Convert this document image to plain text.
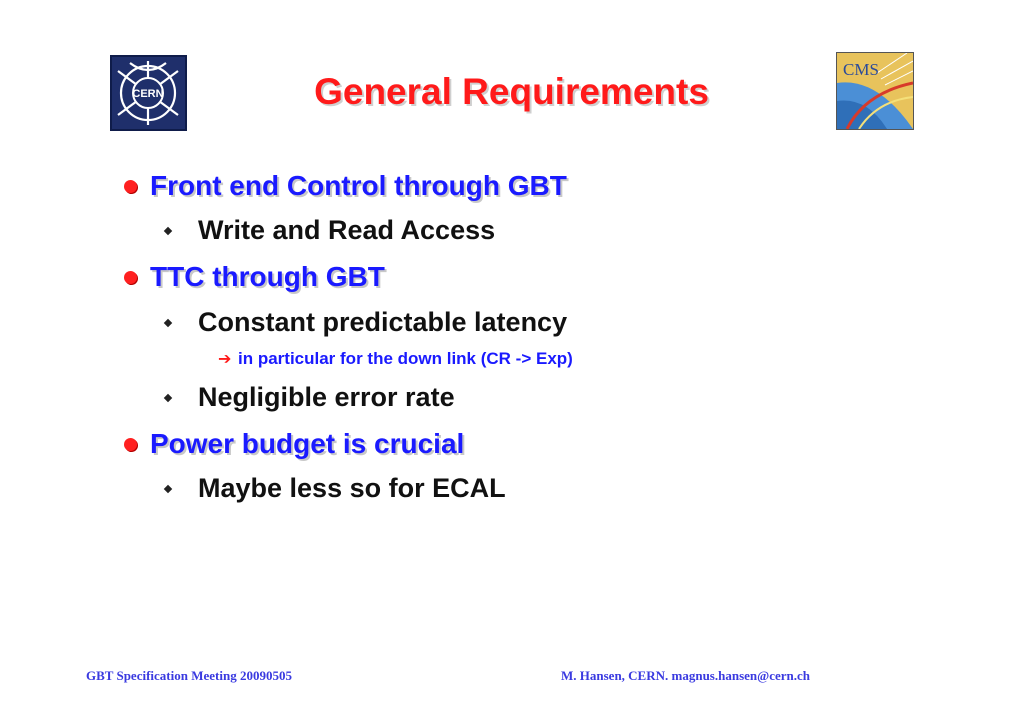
CERN
CMS
General Requirements
Front end Control through GBT
Write and Read Access
TTC through GBT
Constant predictable latency
➔ in particular for the down link (CR -> Exp)
Negligible error rate
Power budget is crucial
Maybe less so for ECAL
GBT Specification Meeting 20090505	M. Hansen, CERN. magnus.hansen@cern.ch
